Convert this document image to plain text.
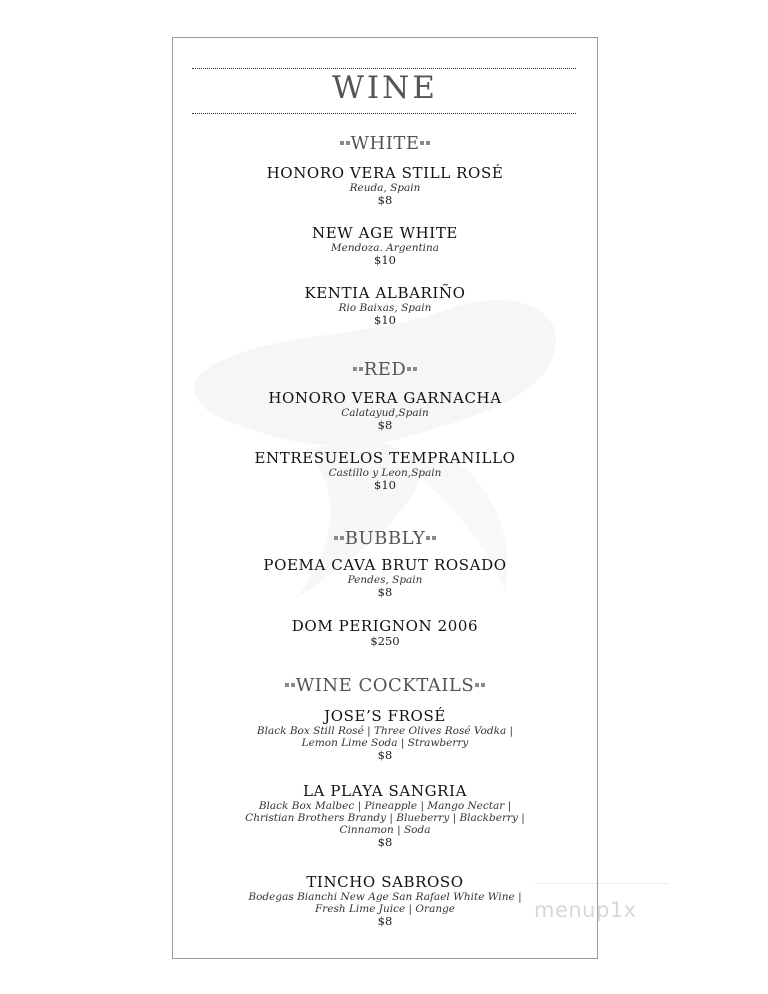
WINE
WHITE
HONORO VERA STILL ROSÉ
Reuda, Spain
$8
NEW AGE WHITE
Mendoza. Argentina
$10
KENTIA ALBARIÑO
Rio Baixas, Spain
$10
RED
HONORO VERA GARNACHA
Calatayud,Spain
$8
ENTRESUELOS TEMPRANILLO
Castillo y Leon,Spain
$10
BUBBLY
POEMA CAVA BRUT ROSADO
Pendes, Spain
$8
DOM PERIGNON 2006
$250
WINE COCKTAILS
JOSE’S FROSÉ
Black Box Still Rosé | Three Olives Rosé Vodka |
Lemon Lime Soda | Strawberry
$8
LA PLAYA SANGRIA
Black Box Malbec | Pineapple | Mango Nectar |
Christian Brothers Brandy | Blueberry | Blackberry |
Cinnamon | Soda
$8
TINCHO SABROSO
Bodegas Bianchi New Age San Rafael White Wine |
Fresh Lime Juice | Orange
$8	menup1x
